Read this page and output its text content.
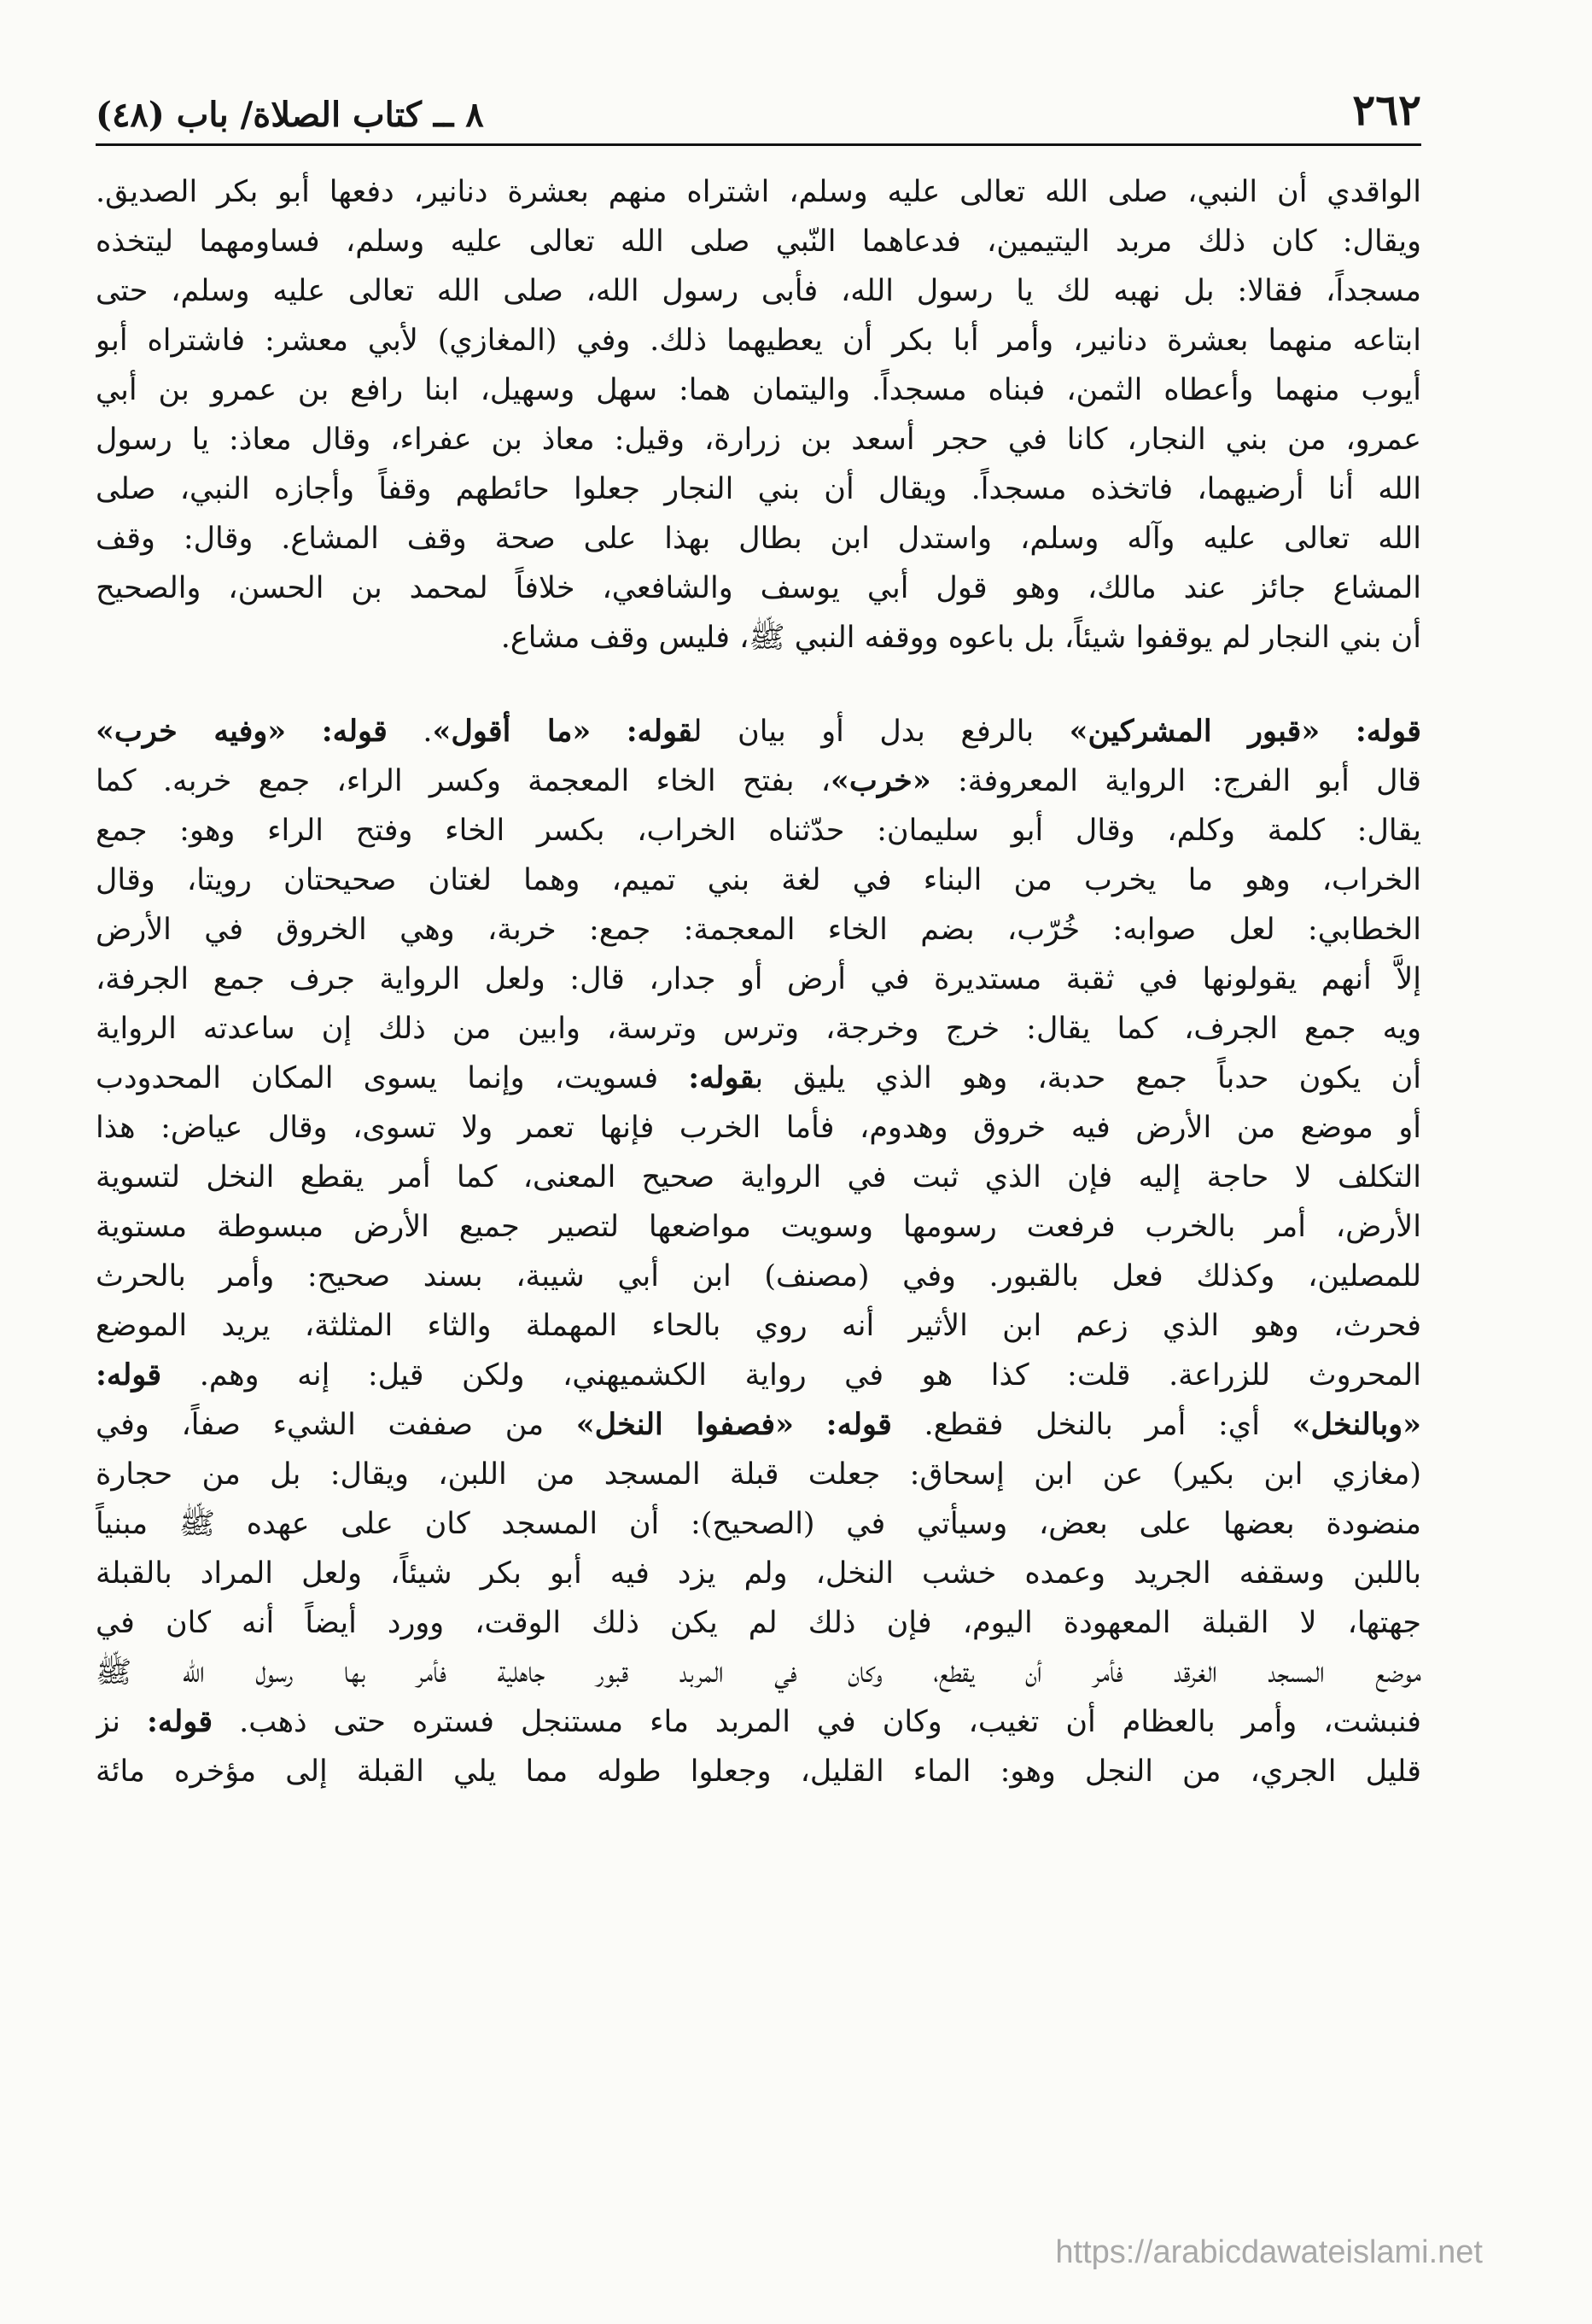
٢٦٢
٨ ــ كتاب الصلاة/ باب (٤٨)
الواقدي أن النبي، صلى الله تعالى عليه وسلم، اشتراه منهم بعشرة دنانير، دفعها أبو بكر الصديق.
ويقال: كان ذلك مربد اليتيمين، فدعاهما النّبي صلى الله تعالى عليه وسلم، فساومهما ليتخذه
مسجداً، فقالا: بل نهبه لك يا رسول الله، فأبى رسول الله، صلى الله تعالى عليه وسلم، حتى
ابتاعه منهما بعشرة دنانير، وأمر أبا بكر أن يعطيهما ذلك. وفي (المغازي) لأبي معشر: فاشتراه أبو
أيوب منهما وأعطاه الثمن، فبناه مسجداً. واليتمان هما: سهل وسهيل، ابنا رافع بن عمرو بن أبي
عمرو، من بني النجار، كانا في حجر أسعد بن زرارة، وقيل: معاذ بن عفراء، وقال معاذ: يا رسول
الله أنا أرضيهما، فاتخذه مسجداً. ويقال أن بني النجار جعلوا حائطهم وقفاً وأجازه النبي، صلى
الله تعالى عليه وآله وسلم، واستدل ابن بطال بهذا على صحة وقف المشاع. وقال: وقف
المشاع جائز عند مالك، وهو قول أبي يوسف والشافعي، خلافاً لمحمد بن الحسن، والصحيح
أن بني النجار لم يوقفوا شيئاً، بل باعوه ووقفه النبي ﷺ، فليس وقف مشاع.
قوله: «قبور المشركين» بالرفع بدل أو بيان لقوله: «ما أقول». قوله: «وفيه خرب»
قال أبو الفرج: الرواية المعروفة: «خرب»، بفتح الخاء المعجمة وكسر الراء، جمع خربه. كما
يقال: كلمة وكلم، وقال أبو سليمان: حدّثناه الخراب، بكسر الخاء وفتح الراء وهو: جمع
الخراب، وهو ما يخرب من البناء في لغة بني تميم، وهما لغتان صحيحتان رويتا، وقال
الخطابي: لعل صوابه: خُرّب، بضم الخاء المعجمة: جمع: خربة، وهي الخروق في الأرض
إلاَّ أنهم يقولونها في ثقبة مستديرة في أرض أو جدار، قال: ولعل الرواية جرف جمع الجرفة،
ويه جمع الجرف، كما يقال: خرج وخرجة، وترس وترسة، وابين من ذلك إن ساعدته الرواية
أن يكون حدباً جمع حدبة، وهو الذي يليق بقوله: فسويت، وإنما يسوى المكان المحدودب
أو موضع من الأرض فيه خروق وهدوم، فأما الخرب فإنها تعمر ولا تسوى، وقال عياض: هذا
التكلف لا حاجة إليه فإن الذي ثبت في الرواية صحيح المعنى، كما أمر يقطع النخل لتسوية
الأرض، أمر بالخرب فرفعت رسومها وسويت مواضعها لتصير جميع الأرض مبسوطة مستوية
للمصلين، وكذلك فعل بالقبور. وفي (مصنف) ابن أبي شيبة، بسند صحيح: وأمر بالحرث
فحرث، وهو الذي زعم ابن الأثير أنه روي بالحاء المهملة والثاء المثلثة، يريد الموضع
المحروث للزراعة. قلت: كذا هو في رواية الكشميهني، ولكن قيل: إنه وهم. قوله:
«وبالنخل» أي: أمر بالنخل فقطع. قوله: «فصفوا النخل» من صففت الشيء صفاً، وفي
(مغازي ابن بكير) عن ابن إسحاق: جعلت قبلة المسجد من اللبن، ويقال: بل من حجارة
منضودة بعضها على بعض، وسيأتي في (الصحيح): أن المسجد كان على عهده ﷺ مبنياً
باللبن وسقفه الجريد وعمده خشب النخل، ولم يزد فيه أبو بكر شيئاً، ولعل المراد بالقبلة
جهتها، لا القبلة المعهودة اليوم، فإن ذلك لم يكن ذلك الوقت، وورد أيضاً أنه كان في
موضع المسجد الغرقد فأمر أن يقطع، وكان في المربد قبور جاهلية فأمر بها رسول الله ﷺ
فنبشت، وأمر بالعظام أن تغيب، وكان في المربد ماء مستنجل فستره حتى ذهب. قوله: نز
قليل الجري، من النجل وهو: الماء القليل، وجعلوا طوله مما يلي القبلة إلى مؤخره مائة
https://arabicdawateislami.net
